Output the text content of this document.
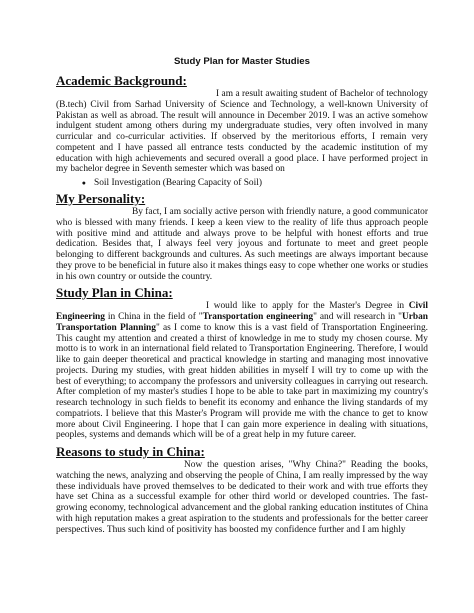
Study Plan for Master Studies
Academic Background:

I am a result awaiting student of Bachelor of technology (B.tech) Civil from Sarhad University of Science and Technology, a well-known University of Pakistan as well as abroad. The result will announce in December 2019. I was an active somehow indulgent student among others during my undergraduate studies, very often involved in many curricular and co-curricular activities. If observed by the meritorious efforts, I remain very competent and I have passed all entrance tests conducted by the academic institution of my education with high achievements and secured overall a good place. I have performed project in my bachelor degree in Seventh semester which was based on

● Soil Investigation (Bearing Capacity of Soil)
My Personality:

By fact, I am socially active person with friendly nature, a good communicator who is blessed with many friends. I keep a keen view to the reality of life thus approach people with positive mind and attitude and always prove to be helpful with honest efforts and true dedication. Besides that, I always feel very joyous and fortunate to meet and greet people belonging to different backgrounds and cultures. As such meetings are always important because they prove to be beneficial in future also it makes things easy to cope whether one works or studies in his own country or outside the country.

Study Plan in China:

I would like to apply for the Master's Degree in Civil Engineering in China in the field of "Transportation engineering" and will research in "Urban Transportation Planning" as I come to know this is a vast field of Transportation Engineering. This caught my attention and created a thirst of knowledge in me to study my chosen course. My motto is to work in an international field related to Transportation Engineering. Therefore, I would like to gain deeper theoretical and practical knowledge in starting and managing most innovative projects. During my studies, with great hidden abilities in myself I will try to come up with the best of everything; to accompany the professors and university colleagues in carrying out research. After completion of my master's studies I hope to be able to take part in maximizing my country's research technology in such fields to benefit its economy and enhance the living standards of my compatriots. I believe that this Master's Program will provide me with the chance to get to know more about Civil Engineering. I hope that I can gain more experience in dealing with situations, peoples, systems and demands which will be of a great help in my future career.

Reasons to study in China:

Now the question arises, "Why China?" Reading the books, watching the news, analyzing and observing the people of China, I am really impressed by the way these individuals have proved themselves to be dedicated to their work and with true efforts they have set China as a successful example for other third world or developed countries. The fast-growing economy, technological advancement and the global ranking education institutes of China with high reputation makes a great aspiration to the students and professionals for the better career perspectives. Thus such kind of positivity has boosted my confidence further and I am highly
